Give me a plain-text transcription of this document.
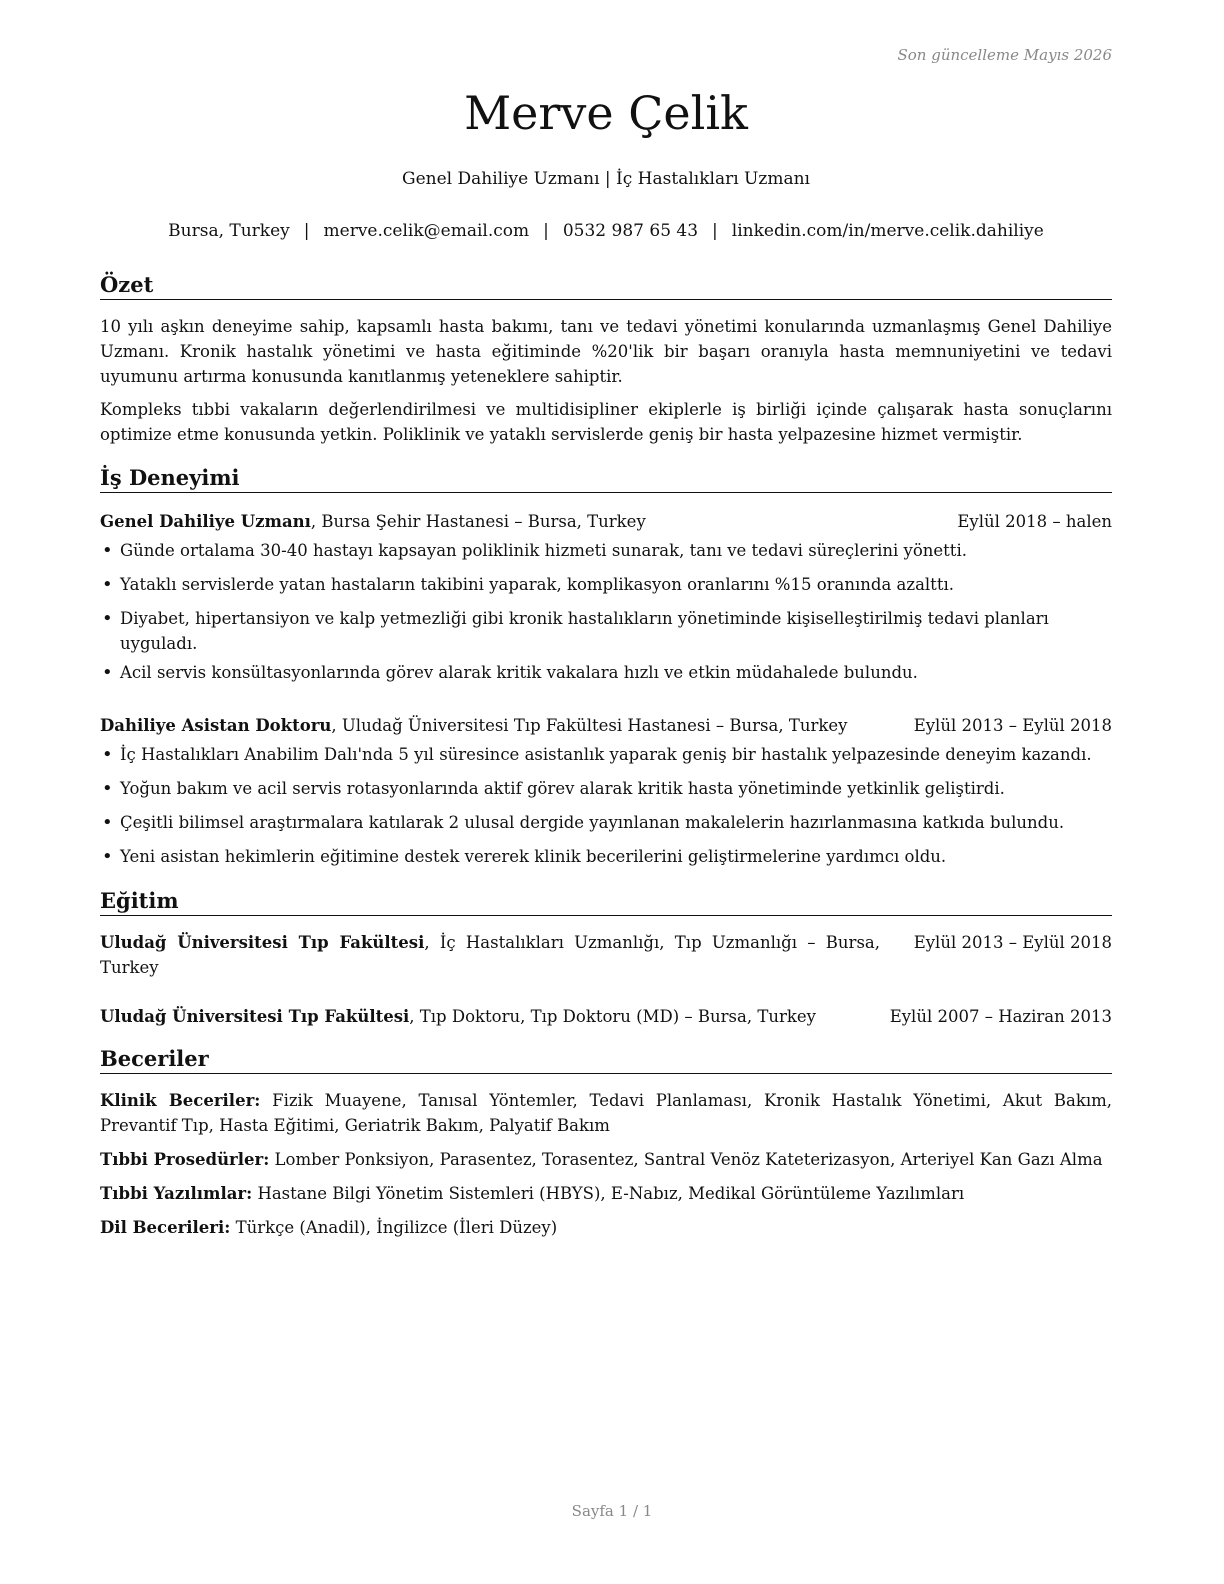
Son güncelleme Mayıs 2026
Merve Çelik
Genel Dahiliye Uzmanı | İç Hastalıkları Uzmanı
Bursa, Turkey | merve.celik@email.com | 0532 987 65 43 | linkedin.com/in/merve.celik.dahiliye
Özet

10 yılı aşkın deneyime sahip, kapsamlı hasta bakımı, tanı ve tedavi yönetimi konularında uzmanlaşmış Genel Dahiliye Uzmanı. Kronik hastalık yönetimi ve hasta eğitiminde %20'lik bir başarı oranıyla hasta memnuniyetini ve tedavi uyumunu artırma konusunda kanıtlanmış yeteneklere sahiptir.

Kompleks tıbbi vakaların değerlendirilmesi ve multidisipliner ekiplerle iş birliği içinde çalışarak hasta sonuçlarını optimize etme konusunda yetkin. Poliklinik ve yataklı servislerde geniş bir hasta yelpazesine hizmet vermiştir.

İş Deneyimi
Genel Dahiliye Uzmanı, Bursa Şehir Hastanesi – Bursa, Turkey	Eylül 2018 – halen
• Günde ortalama 30-40 hastayı kapsayan poliklinik hizmeti sunarak, tanı ve tedavi süreçlerini yönetti.
• Yataklı servislerde yatan hastaların takibini yaparak, komplikasyon oranlarını %15 oranında azalttı.
• Diyabet, hipertansiyon ve kalp yetmezliği gibi kronik hastalıkların yönetiminde kişiselleştirilmiş tedavi planları uyguladı.
• Acil servis konsültasyonlarında görev alarak kritik vakalara hızlı ve etkin müdahalede bulundu.
Dahiliye Asistan Doktoru, Uludağ Üniversitesi Tıp Fakültesi Hastanesi – Bursa, Turkey	Eylül 2013 – Eylül 2018
• İç Hastalıkları Anabilim Dalı'nda 5 yıl süresince asistanlık yaparak geniş bir hastalık yelpazesinde deneyim kazandı.
• Yoğun bakım ve acil servis rotasyonlarında aktif görev alarak kritik hasta yönetiminde yetkinlik geliştirdi.
• Çeşitli bilimsel araştırmalara katılarak 2 ulusal dergide yayınlanan makalelerin hazırlanmasına katkıda bulundu.
• Yeni asistan hekimlerin eğitimine destek vererek klinik becerilerini geliştirmelerine yardımcı oldu.
Eğitim
Uludağ Üniversitesi Tıp Fakültesi, İç Hastalıkları Uzmanlığı, Tıp Uzmanlığı – Bursa, Turkey
Eylül 2013 – Eylül 2018
Uludağ Üniversitesi Tıp Fakültesi, Tıp Doktoru, Tıp Doktoru (MD) – Bursa, Turkey	Eylül 2007 – Haziran 2013
Beceriler
Klinik Beceriler: Fizik Muayene, Tanısal Yöntemler, Tedavi Planlaması, Kronik Hastalık Yönetimi, Akut Bakım, Prevantif Tıp, Hasta Eğitimi, Geriatrik Bakım, Palyatif Bakım
Tıbbi Prosedürler: Lomber Ponksiyon, Parasentez, Torasentez, Santral Venöz Kateterizasyon, Arteriyel Kan Gazı Alma
Tıbbi Yazılımlar: Hastane Bilgi Yönetim Sistemleri (HBYS), E-Nabız, Medikal Görüntüleme Yazılımları
Dil Becerileri: Türkçe (Anadil), İngilizce (İleri Düzey)
Sayfa 1 / 1
